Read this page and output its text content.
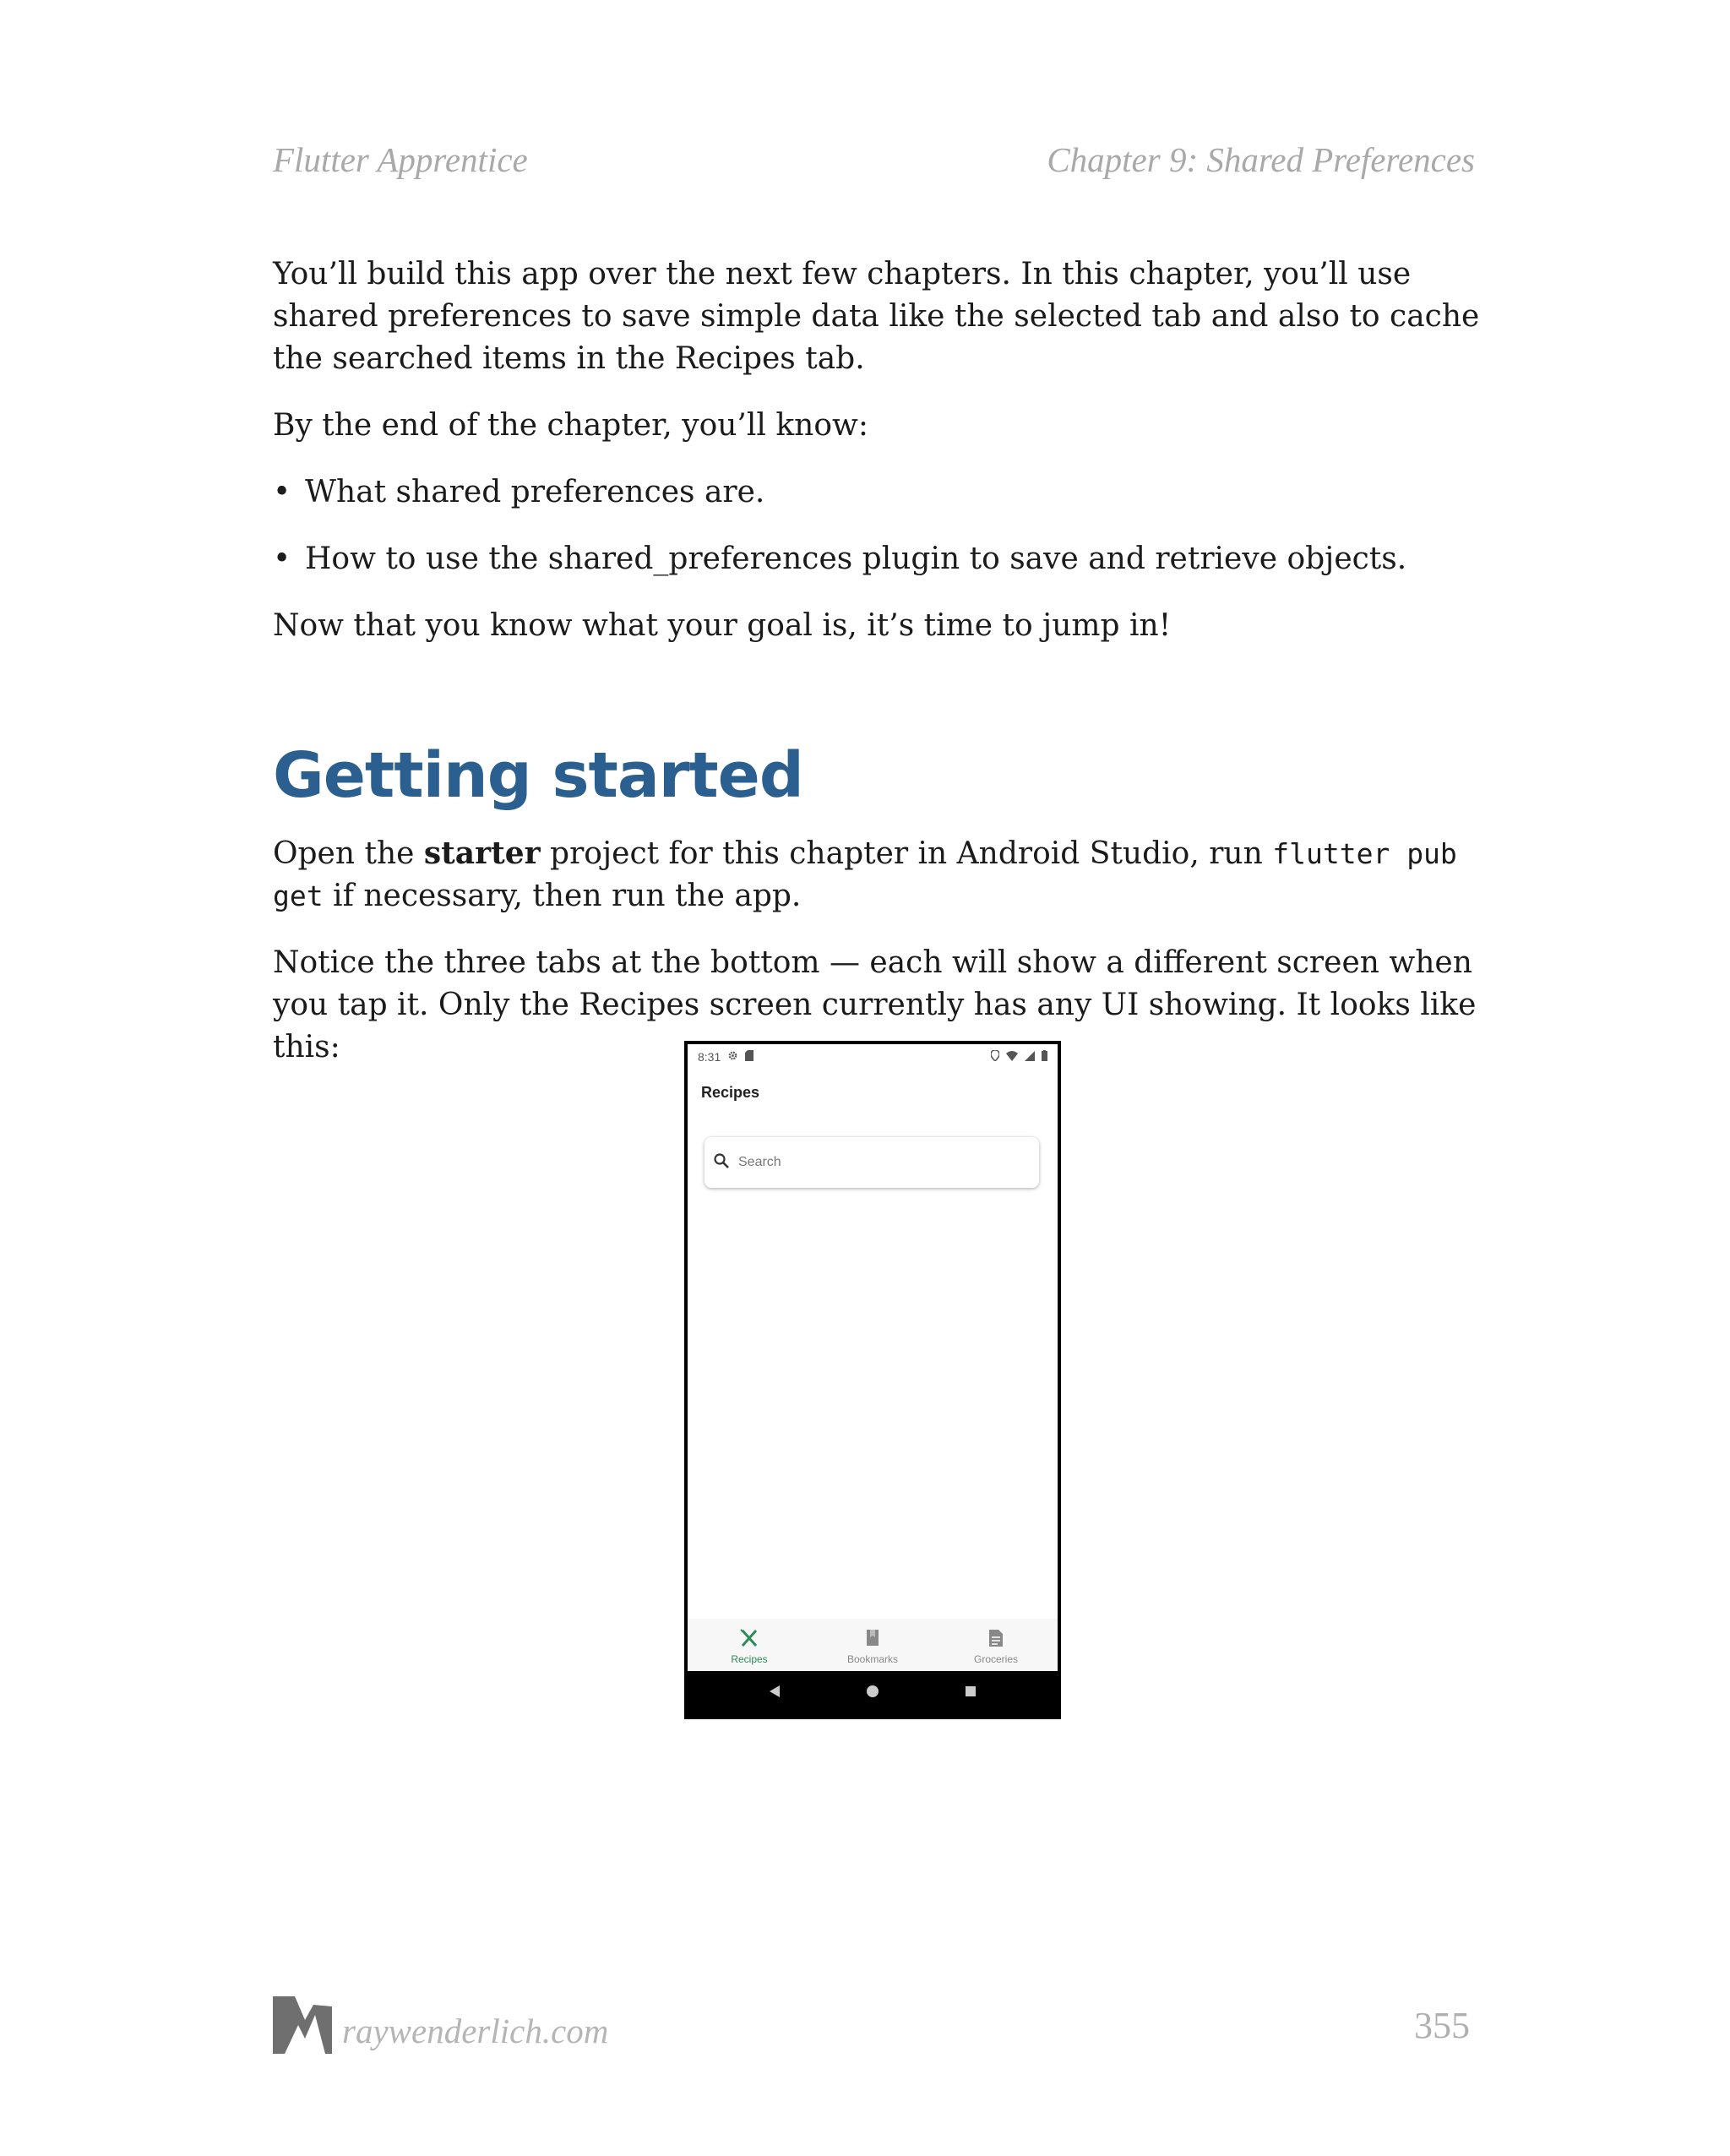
Flutter Apprentice	Chapter 9: Shared Preferences

You’ll build this app over the next few chapters. In this chapter, you’ll use shared preferences to save simple data like the selected tab and also to cache the searched items in the Recipes tab.

By the end of the chapter, you’ll know:

• What shared preferences are.
• How to use the shared_preferences plugin to save and retrieve objects.

Now that you know what your goal is, it’s time to jump in!

Getting started

Open the starter project for this chapter in Android Studio, run flutter pub get if necessary, then run the app.

Notice the three tabs at the bottom — each will show a different screen when you tap it. Only the Recipes screen currently has any UI showing. It looks like this:	8:31
Recipes
Search
Recipes	Bookmarks	Groceries
raywenderlich.com	355
